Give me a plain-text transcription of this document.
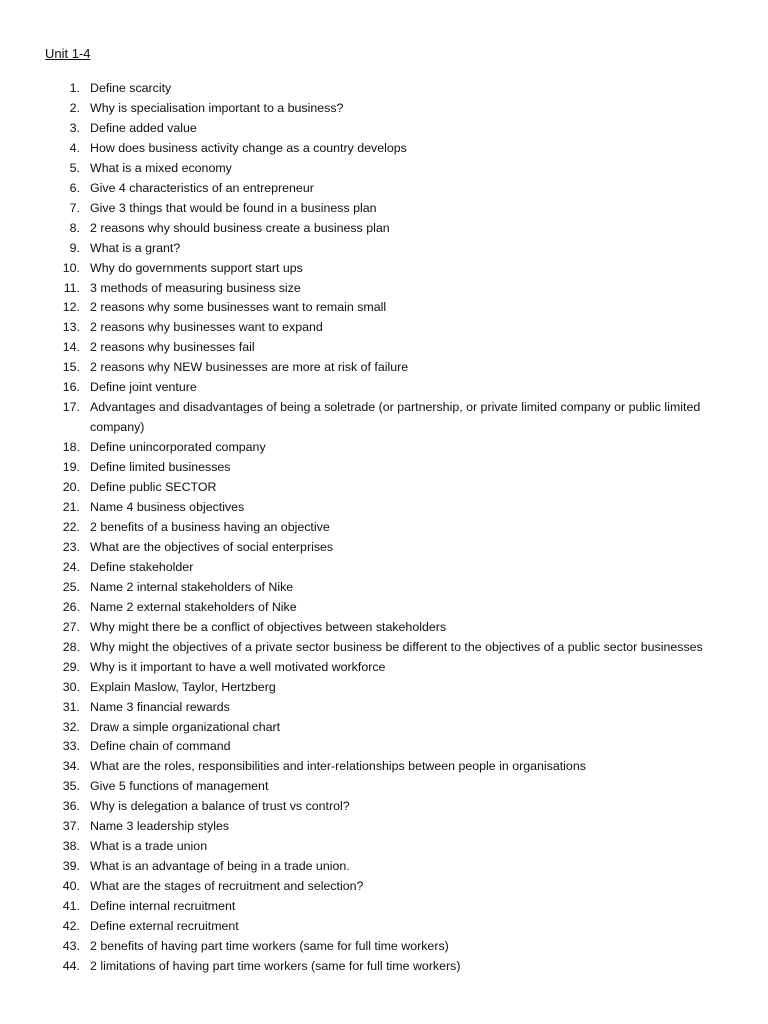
Unit 1-4
1. Define scarcity
2. Why is specialisation important to a business?
3. Define added value
4. How does business activity change as a country develops
5. What is a mixed economy
6. Give 4 characteristics of an entrepreneur
7. Give 3 things that would be found in a business plan
8. 2 reasons why should business create a business plan
9. What is a grant?
10. Why do governments support start ups
11. 3 methods of measuring business size
12. 2 reasons why some businesses want to remain small
13. 2 reasons why businesses want to expand
14. 2 reasons why businesses fail
15. 2 reasons why NEW businesses are more at risk of failure
16. Define joint venture
17. Advantages and disadvantages of being a soletrade (or partnership, or private limited company or public limited company)
18. Define unincorporated company
19. Define limited businesses
20. Define public SECTOR
21. Name 4 business objectives
22. 2 benefits of a business having an objective
23. What are the objectives of social enterprises
24. Define stakeholder
25. Name 2 internal stakeholders of Nike
26. Name 2 external stakeholders of Nike
27. Why might there be a conflict of objectives between stakeholders
28. Why might the objectives of a private sector business be different to the objectives of a public sector businesses
29. Why is it important to have a well motivated workforce
30. Explain Maslow, Taylor, Hertzberg
31. Name 3 financial rewards
32. Draw a simple organizational chart
33. Define chain of command
34. What are the roles, responsibilities and inter-relationships between people in organisations
35. Give 5 functions of management
36. Why is delegation a balance of trust vs control?
37. Name 3 leadership styles
38. What is a trade union
39. What is an advantage of being in a trade union.
40. What are the stages of recruitment and selection?
41. Define internal recruitment
42. Define external recruitment
43. 2 benefits of having part time workers (same for full time workers)
44. 2 limitations of having part time workers (same for full time workers)
